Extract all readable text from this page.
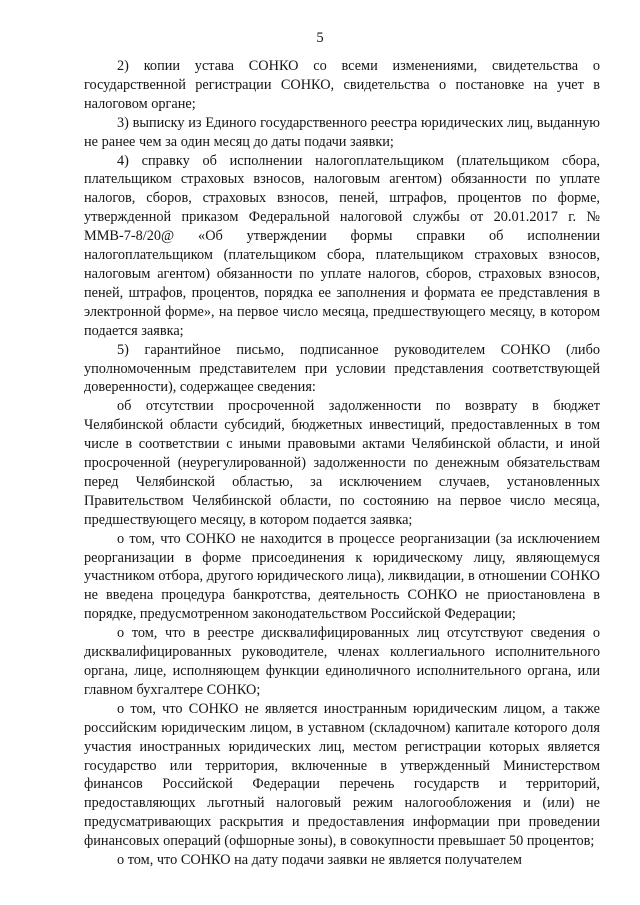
5

2) копии устава СОНКО со всеми изменениями, свидетельства о государственной регистрации СОНКО, свидетельства о постановке на учет в налоговом органе;

3) выписку из Единого государственного реестра юридических лиц, выданную не ранее чем за один месяц до даты подачи заявки;

4) справку об исполнении налогоплательщиком (плательщиком сбора, плательщиком страховых взносов, налоговым агентом) обязанности по уплате налогов, сборов, страховых взносов, пеней, штрафов, процентов по форме, утвержденной приказом Федеральной налоговой службы от 20.01.2017 г. № ММВ-7-8/20@ «Об утверждении формы справки об исполнении налогоплательщиком (плательщиком сбора, плательщиком страховых взносов, налоговым агентом) обязанности по уплате налогов, сборов, страховых взносов, пеней, штрафов, процентов, порядка ее заполнения и формата ее представления в электронной форме», на первое число месяца, предшествующего месяцу, в котором подается заявка;

5) гарантийное письмо, подписанное руководителем СОНКО (либо уполномоченным представителем при условии представления соответствующей доверенности), содержащее сведения:

об отсутствии просроченной задолженности по возврату в бюджет Челябинской области субсидий, бюджетных инвестиций, предоставленных в том числе в соответствии с иными правовыми актами Челябинской области, и иной просроченной (неурегулированной) задолженности по денежным обязательствам перед Челябинской областью, за исключением случаев, установленных Правительством Челябинской области, по состоянию на первое число месяца, предшествующего месяцу, в котором подается заявка;

о том, что СОНКО не находится в процессе реорганизации (за исключением реорганизации в форме присоединения к юридическому лицу, являющемуся участником отбора, другого юридического лица), ликвидации, в отношении СОНКО не введена процедура банкротства, деятельность СОНКО не приостановлена в порядке, предусмотренном законодательством Российской Федерации;

о том, что в реестре дисквалифицированных лиц отсутствуют сведения о дисквалифицированных руководителе, членах коллегиального исполнительного органа, лице, исполняющем функции единоличного исполнительного органа, или главном бухгалтере СОНКО;

о том, что СОНКО не является иностранным юридическим лицом, а также российским юридическим лицом, в уставном (складочном) капитале которого доля участия иностранных юридических лиц, местом регистрации которых является государство или территория, включенные в утвержденный Министерством финансов Российской Федерации перечень государств и территорий, предоставляющих льготный налоговый режим налогообложения и (или) не предусматривающих раскрытия и предоставления информации при проведении финансовых операций (офшорные зоны), в совокупности превышает 50 процентов;

о том, что СОНКО на дату подачи заявки не является получателем
